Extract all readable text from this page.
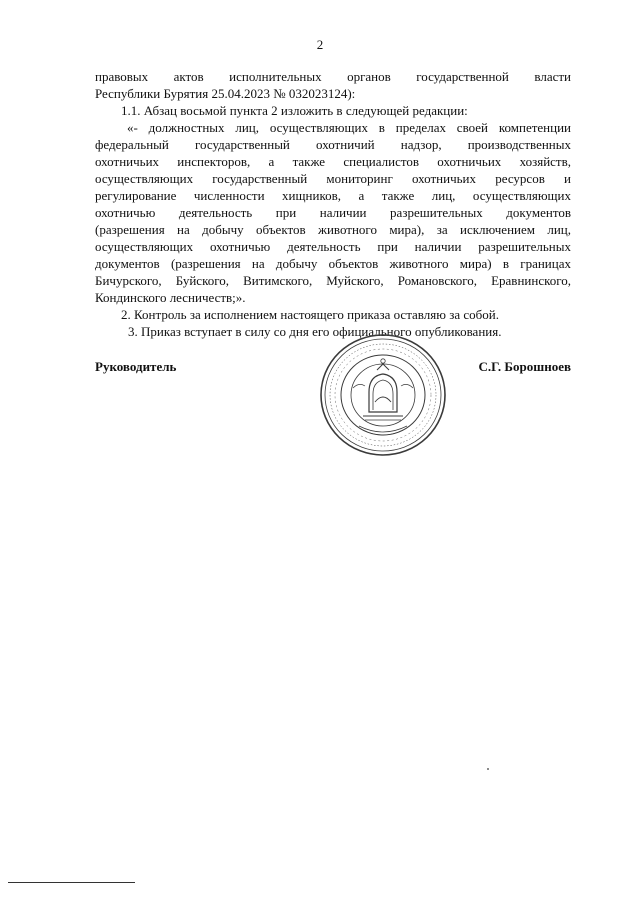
2
правовых актов исполнительных органов государственной власти
Республики Бурятия 25.04.2023 № 032023124):
1.1. Абзац восьмой пункта 2 изложить в следующей редакции:
«- должностных лиц, осуществляющих в пределах своей компетенции
федеральный государственный охотничий надзор, производственных
охотничьих инспекторов, а также специалистов охотничьих хозяйств,
осуществляющих государственный мониторинг охотничьих ресурсов и
регулирование численности хищников, а также лиц, осуществляющих
охотничью деятельность при наличии разрешительных документов
(разрешения на добычу объектов животного мира), за исключением лиц,
осуществляющих охотничью деятельность при наличии разрешительных
документов (разрешения на добычу объектов животного мира) в границах
Бичурского, Буйского, Витимского, Муйского, Романовского, Еравнинского,
Кондинского лесничеств;».
2. Контроль за исполнением настоящего приказа оставляю за собой.
3. Приказ вступает в силу со дня его официального опубликования.
Руководитель	С.Г. Борошноев
